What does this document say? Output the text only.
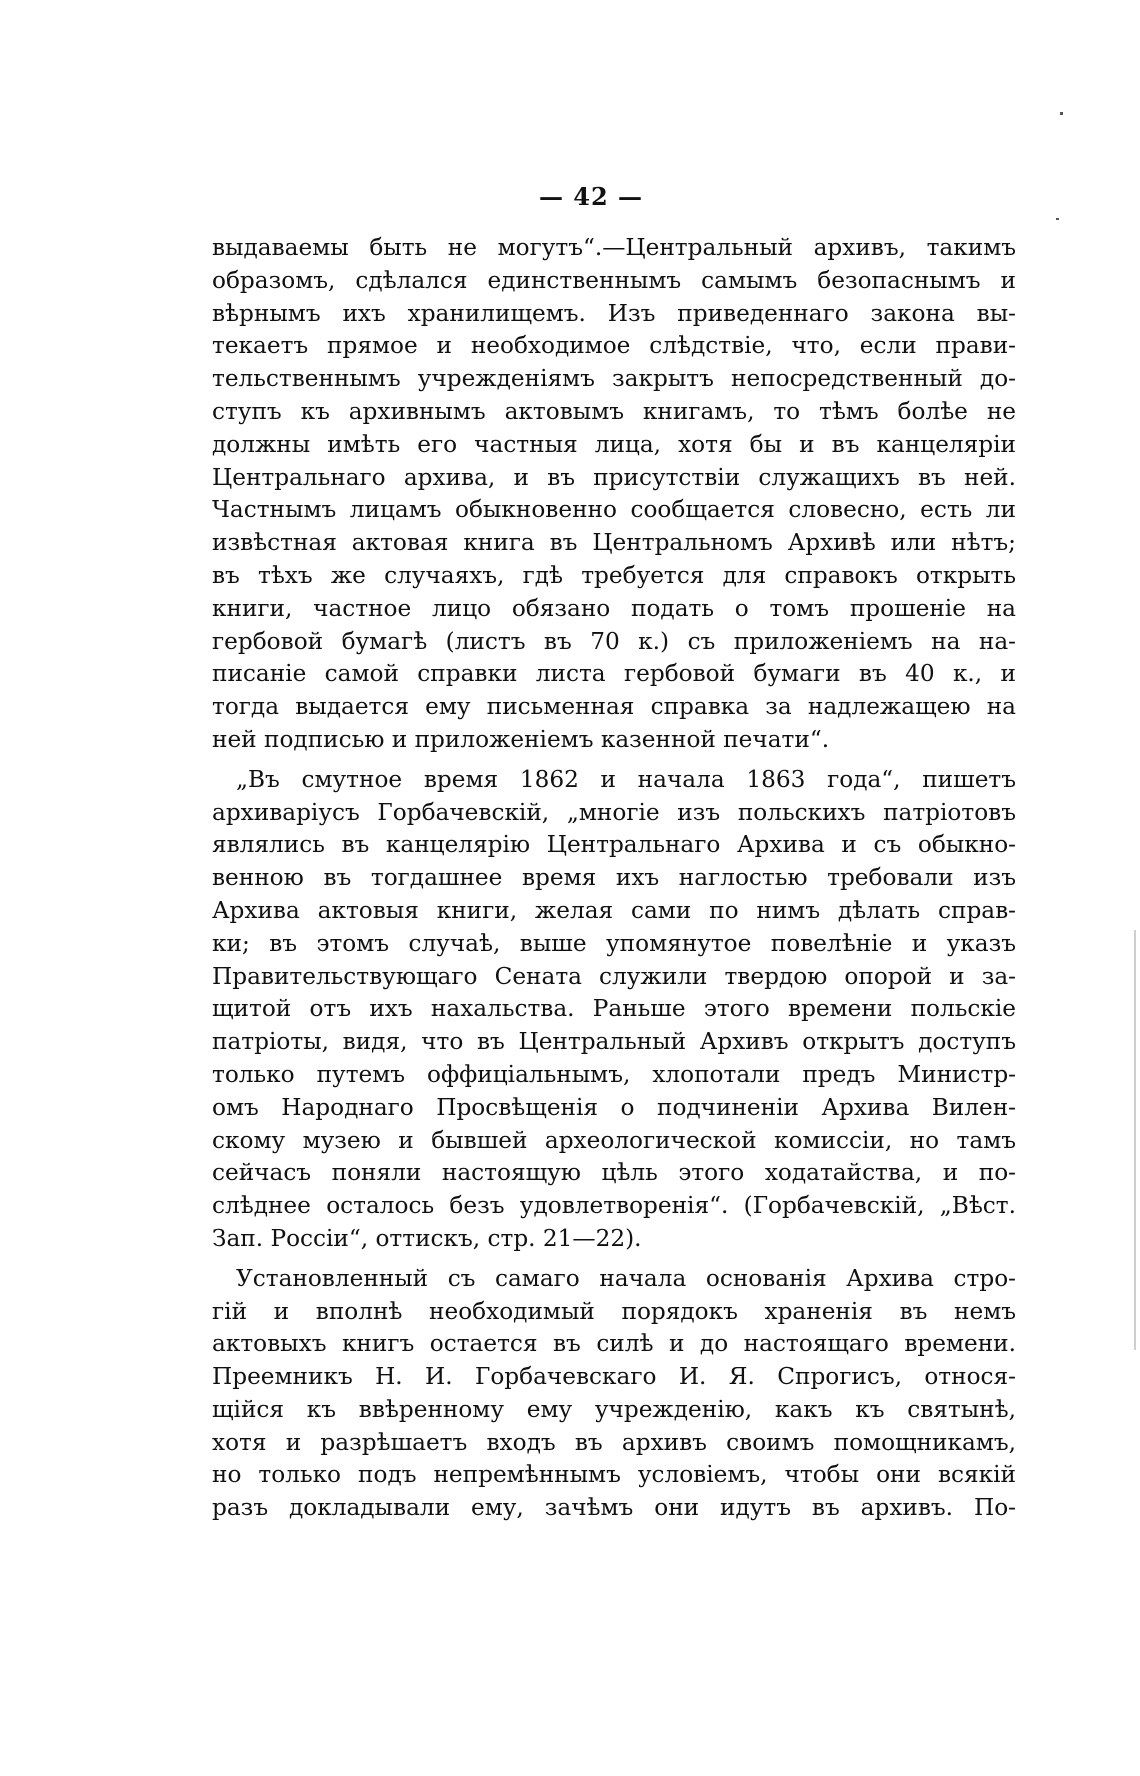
— 42 —
выдаваемы быть не могутъ“.—Центральный архивъ, такимъ
образомъ, сдѣлался единственнымъ самымъ безопаснымъ и
вѣрнымъ ихъ хранилищемъ. Изъ приведеннаго закона вы-
текаетъ прямое и необходимое слѣдствіе, что, если прави-
тельственнымъ учрежденіямъ закрытъ непосредственный до-
ступъ къ архивнымъ актовымъ книгамъ, то тѣмъ болѣе не
должны имѣть его частныя лица, хотя бы и въ канцеляріи
Центральнаго архива, и въ присутствіи служащихъ въ ней.
Частнымъ лицамъ обыкновенно сообщается словесно, есть ли
извѣстная актовая книга въ Центральномъ Архивѣ или нѣтъ;
въ тѣхъ же случаяхъ, гдѣ требуется для справокъ открыть
книги, частное лицо обязано подать о томъ прошеніе на
гербовой бумагѣ (листъ въ 70 к.) съ приложеніемъ на на-
писаніе самой справки листа гербовой бумаги въ 40 к., и
тогда выдается ему письменная справка за надлежащею на
ней подписью и приложеніемъ казенной печати“.
„Въ смутное время 1862 и начала 1863 года“, пишетъ
архиваріусъ Горбачевскій, „многіе изъ польскихъ патріотовъ
являлись въ канцелярію Центральнаго Архива и съ обыкно-
венною въ тогдашнее время ихъ наглостью требовали изъ
Архива актовыя книги, желая сами по нимъ дѣлать справ-
ки; въ этомъ случаѣ, выше упомянутое повелѣніе и указъ
Правительствующаго Сената служили твердою опорой и за-
щитой отъ ихъ нахальства. Раньше этого времени польскіе
патріоты, видя, что въ Центральный Архивъ открытъ доступъ
только путемъ оффиціальнымъ, хлопотали предъ Министр-
омъ Народнаго Просвѣщенія о подчиненіи Архива Вилен-
скому музею и бывшей археологической комиссіи, но тамъ
сейчасъ поняли настоящую цѣль этого ходатайства, и по-
слѣднее осталось безъ удовлетворенія“. (Горбачевскій, „Вѣст.
Зап. Россіи“, оттискъ, стр. 21—22).
Установленный съ самаго начала основанія Архива стро-
гій и вполнѣ необходимый порядокъ храненія въ немъ
актовыхъ книгъ остается въ силѣ и до настоящаго времени.
Преемникъ Н. И. Горбачевскаго И. Я. Спрогисъ, относя-
щійся къ ввѣренному ему учрежденію, какъ къ святынѣ,
хотя и разрѣшаетъ входъ въ архивъ своимъ помощникамъ,
но только подъ непремѣннымъ условіемъ, чтобы они всякій
разъ докладывали ему, зачѣмъ они идутъ въ архивъ. По-
